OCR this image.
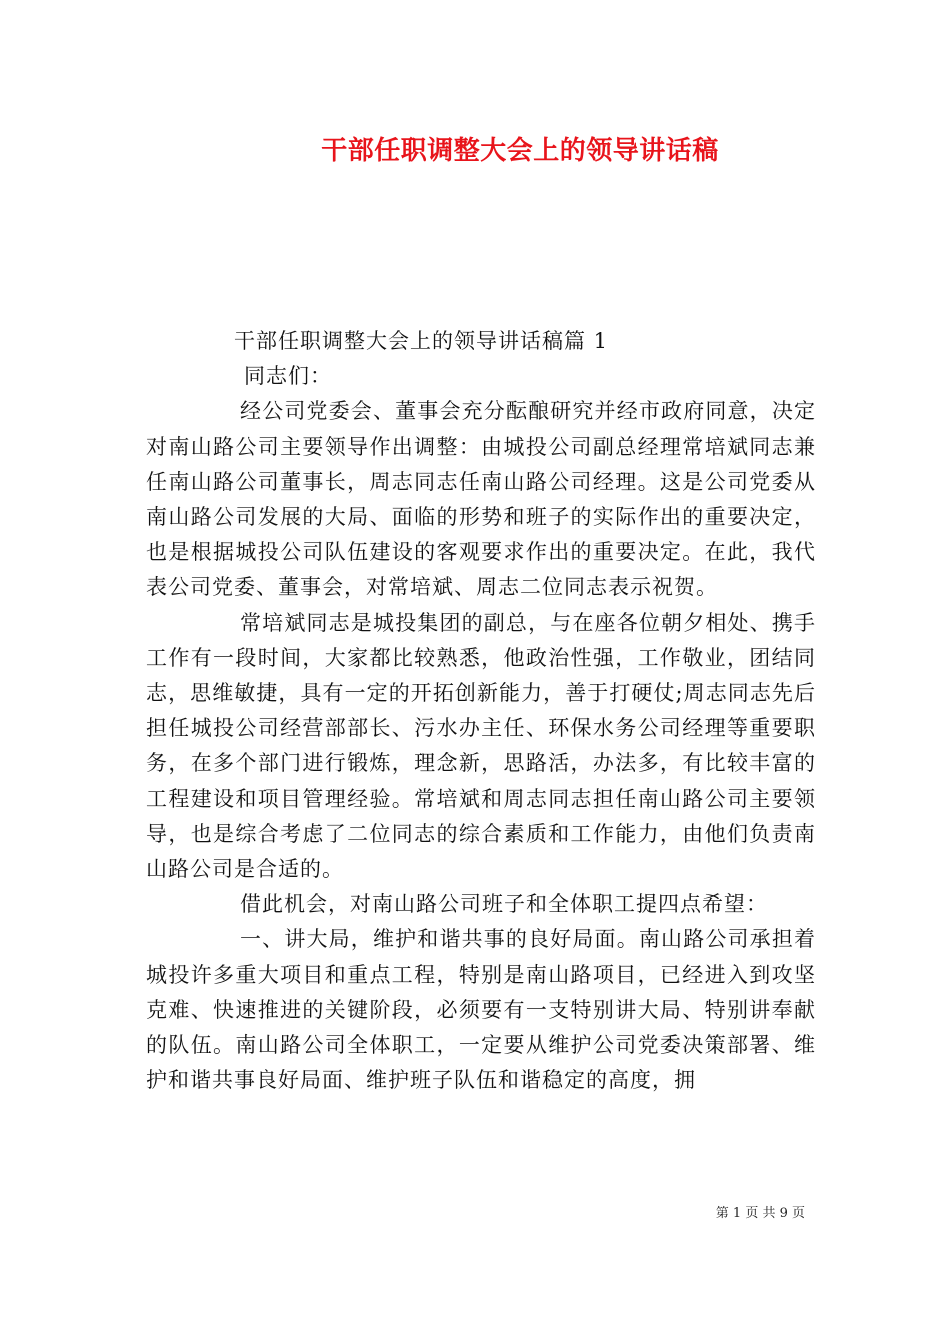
干部任职调整大会上的领导讲话稿

干部任职调整大会上的领导讲话稿篇 1

同志们：

经公司党委会、董事会充分酝酿研究并经市政府同意，决定对南山路公司主要领导作出调整：由城投公司副总经理常培斌同志兼任南山路公司董事长，周志同志任南山路公司经理。这是公司党委从南山路公司发展的大局、面临的形势和班子的实际作出的重要决定，也是根据城投公司队伍建设的客观要求作出的重要决定。在此，我代表公司党委、董事会，对常培斌、周志二位同志表示祝贺。

常培斌同志是城投集团的副总，与在座各位朝夕相处、携手工作有一段时间，大家都比较熟悉，他政治性强，工作敬业，团结同志，思维敏捷，具有一定的开拓创新能力，善于打硬仗;周志同志先后担任城投公司经营部部长、污水办主任、环保水务公司经理等重要职务，在多个部门进行锻炼，理念新，思路活，办法多，有比较丰富的工程建设和项目管理经验。常培斌和周志同志担任南山路公司主要领导，也是综合考虑了二位同志的综合素质和工作能力，由他们负责南山路公司是合适的。

借此机会，对南山路公司班子和全体职工提四点希望：

一、讲大局，维护和谐共事的良好局面。南山路公司承担着城投许多重大项目和重点工程，特别是南山路项目，已经进入到攻坚克难、快速推进的关键阶段，必须要有一支特别讲大局、特别讲奉献的队伍。南山路公司全体职工，一定要从维护公司党委决策部署、维护和谐共事良好局面、维护班子队伍和谐稳定的高度，拥

第 1 页 共 9 页
